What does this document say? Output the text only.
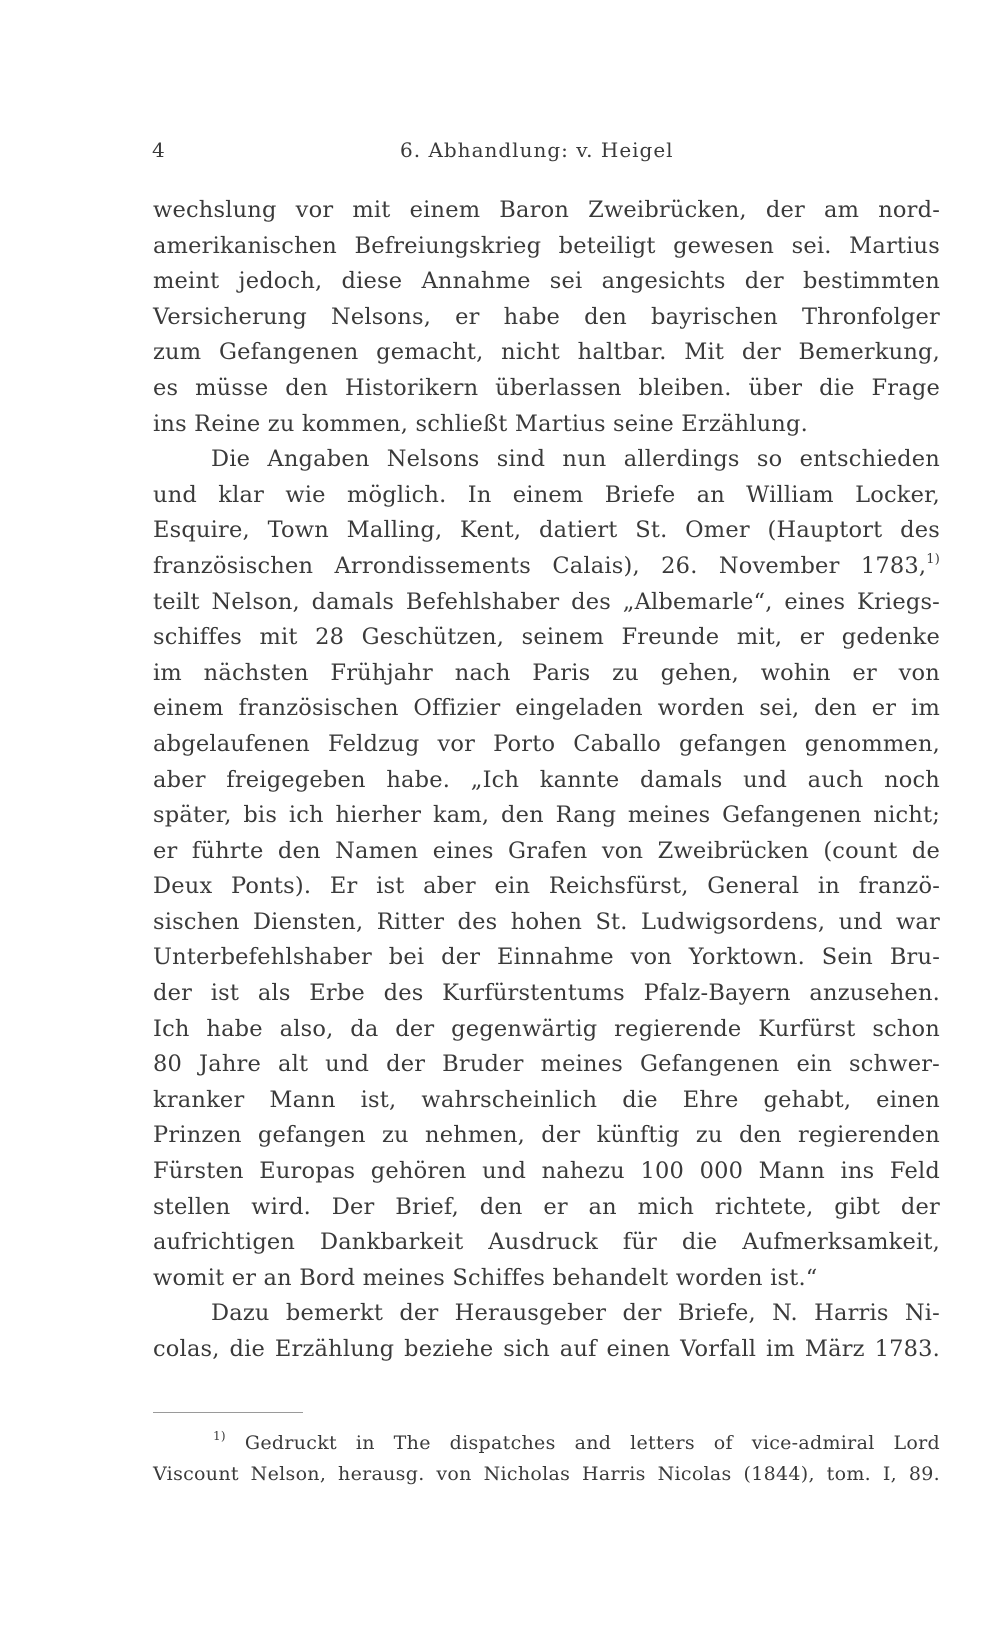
4	6. Abhandlung: v. Heigel
wechslung vor mit einem Baron Zweibrücken, der am nord-
amerikanischen Befreiungskrieg beteiligt gewesen sei. Martius
meint jedoch, diese Annahme sei angesichts der bestimmten
Versicherung Nelsons, er habe den bayrischen Thronfolger
zum Gefangenen gemacht, nicht haltbar. Mit der Bemerkung,
es müsse den Historikern überlassen bleiben. über die Frage
ins Reine zu kommen, schließt Martius seine Erzählung.
Die Angaben Nelsons sind nun allerdings so entschieden
und klar wie möglich. In einem Briefe an William Locker,
Esquire, Town Malling, Kent, datiert St. Omer (Hauptort des
französischen Arrondissements Calais), 26. November 1783,$^{1)}$
teilt Nelson, damals Befehlshaber des „Albemarle“, eines Kriegs-
schiffes mit 28 Geschützen, seinem Freunde mit, er gedenke
im nächsten Frühjahr nach Paris zu gehen, wohin er von
einem französischen Offizier eingeladen worden sei, den er im
abgelaufenen Feldzug vor Porto Caballo gefangen genommen,
aber freigegeben habe. „Ich kannte damals und auch noch
später, bis ich hierher kam, den Rang meines Gefangenen nicht;
er führte den Namen eines Grafen von Zweibrücken (count de
Deux Ponts). Er ist aber ein Reichsfürst, General in franzö-
sischen Diensten, Ritter des hohen St. Ludwigsordens, und war
Unterbefehlshaber bei der Einnahme von Yorktown. Sein Bru-
der ist als Erbe des Kurfürstentums Pfalz-Bayern anzusehen.
Ich habe also, da der gegenwärtig regierende Kurfürst schon
80 Jahre alt und der Bruder meines Gefangenen ein schwer-
kranker Mann ist, wahrscheinlich die Ehre gehabt, einen
Prinzen gefangen zu nehmen, der künftig zu den regierenden
Fürsten Europas gehören und nahezu 100 000 Mann ins Feld
stellen wird. Der Brief, den er an mich richtete, gibt der
aufrichtigen Dankbarkeit Ausdruck für die Aufmerksamkeit,
womit er an Bord meines Schiffes behandelt worden ist.“
Dazu bemerkt der Herausgeber der Briefe, N. Harris Ni-
colas, die Erzählung beziehe sich auf einen Vorfall im März 1783.
$^{1)}$ Gedruckt in The dispatches and letters of vice-admiral Lord
Viscount Nelson, herausg. von Nicholas Harris Nicolas (1844), tom. I, 89.
